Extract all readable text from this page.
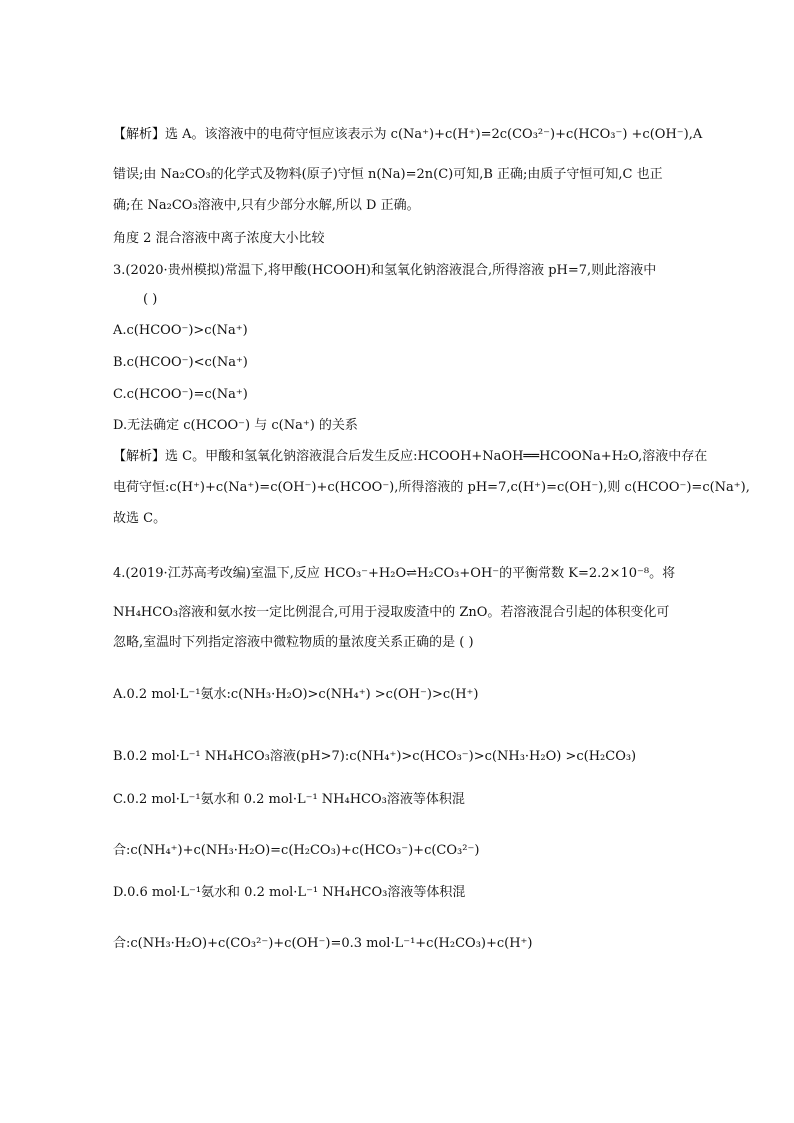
【解析】选 A。该溶液中的电荷守恒应该表示为 c(Na⁺)+c(H⁺)=2c(CO₃²⁻)+c(HCO₃⁻) +c(OH⁻),A
错误;由 Na₂CO₃的化学式及物料(原子)守恒 n(Na)=2n(C)可知,B 正确;由质子守恒可知,C 也正
确;在 Na₂CO₃溶液中,只有少部分水解,所以 D 正确。
角度 2 混合溶液中离子浓度大小比较
3.(2020·贵州模拟)常温下,将甲酸(HCOOH)和氢氧化钠溶液混合,所得溶液 pH=7,则此溶液中
( )
A.c(HCOO⁻)>c(Na⁺)
B.c(HCOO⁻)<c(Na⁺)
C.c(HCOO⁻)=c(Na⁺)
D.无法确定 c(HCOO⁻) 与 c(Na⁺) 的关系
【解析】选 C。甲酸和氢氧化钠溶液混合后发生反应:HCOOH+NaOH══HCOONa+H₂O,溶液中存在
电荷守恒:c(H⁺)+c(Na⁺)=c(OH⁻)+c(HCOO⁻),所得溶液的 pH=7,c(H⁺)=c(OH⁻),则 c(HCOO⁻)=c(Na⁺),
故选 C。
4.(2019·江苏高考改编)室温下,反应 HCO₃⁻+H₂O⇌H₂CO₃+OH⁻的平衡常数 K=2.2×10⁻⁸。将
NH₄HCO₃溶液和氨水按一定比例混合,可用于浸取废渣中的 ZnO。若溶液混合引起的体积变化可
忽略,室温时下列指定溶液中微粒物质的量浓度关系正确的是 ( )
A.0.2 mol·L⁻¹氨水:c(NH₃·H₂O)>c(NH₄⁺) >c(OH⁻)>c(H⁺)
B.0.2 mol·L⁻¹ NH₄HCO₃溶液(pH>7):c(NH₄⁺)>c(HCO₃⁻)>c(NH₃·H₂O) >c(H₂CO₃)
C.0.2 mol·L⁻¹氨水和 0.2 mol·L⁻¹ NH₄HCO₃溶液等体积混
合:c(NH₄⁺)+c(NH₃·H₂O)=c(H₂CO₃)+c(HCO₃⁻)+c(CO₃²⁻)
D.0.6 mol·L⁻¹氨水和 0.2 mol·L⁻¹ NH₄HCO₃溶液等体积混
合:c(NH₃·H₂O)+c(CO₃²⁻)+c(OH⁻)=0.3 mol·L⁻¹+c(H₂CO₃)+c(H⁺)
